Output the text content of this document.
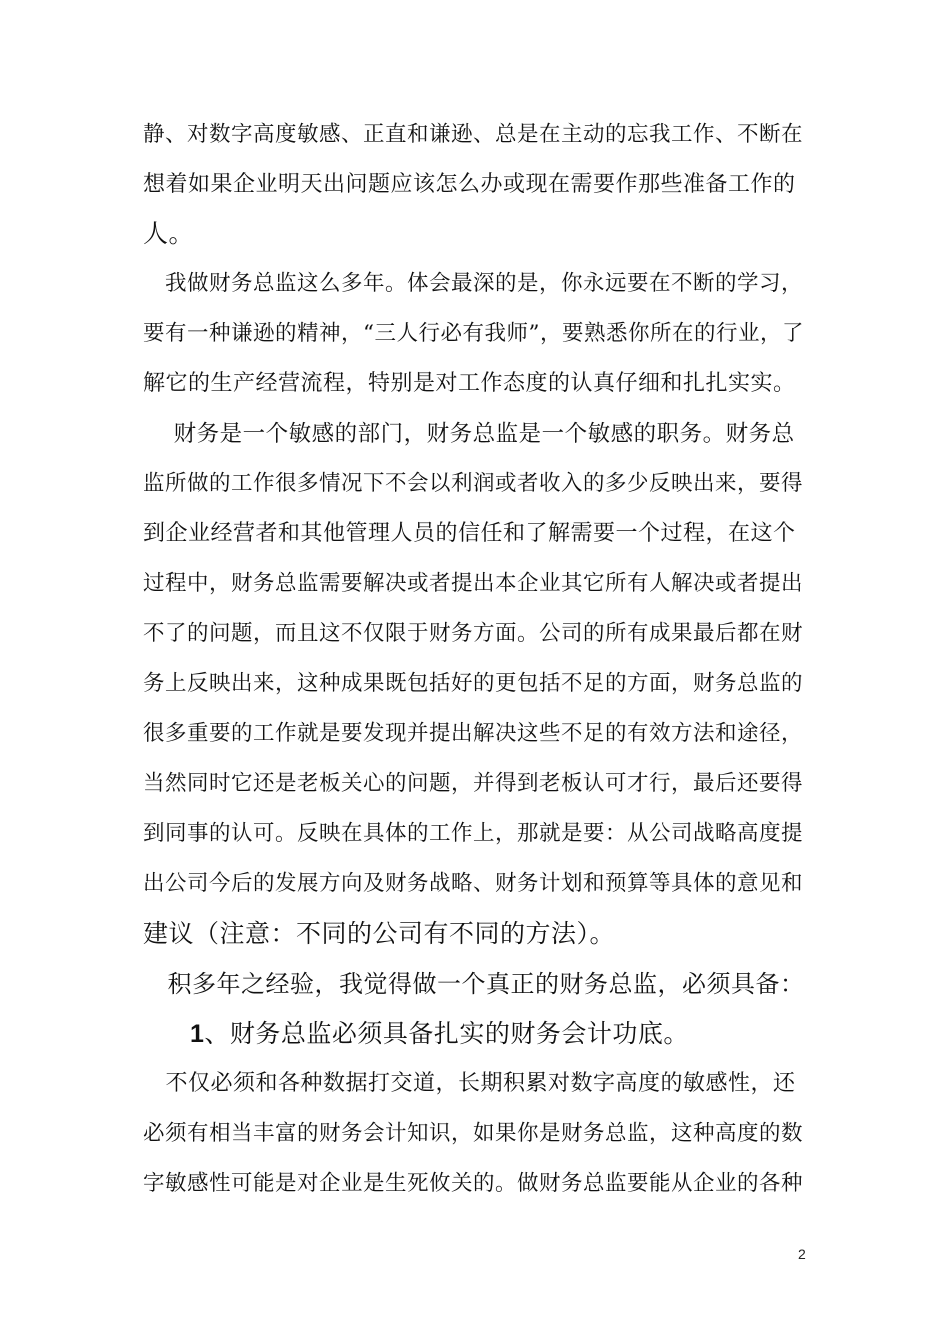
静、对数字高度敏感、正直和谦逊、总是在主动的忘我工作、不断在
想着如果企业明天出问题应该怎么办或现在需要作那些准备工作的
人。
　我做财务总监这么多年。体会最深的是，你永远要在不断的学习，
要有一种谦逊的精神，“三人行必有我师”，要熟悉你所在的行业，了
解它的生产经营流程，特别是对工作态度的认真仔细和扎扎实实。
　 财务是一个敏感的部门，财务总监是一个敏感的职务。财务总
监所做的工作很多情况下不会以利润或者收入的多少反映出来，要得
到企业经营者和其他管理人员的信任和了解需要一个过程，在这个
过程中，财务总监需要解决或者提出本企业其它所有人解决或者提出
不了的问题，而且这不仅限于财务方面。公司的所有成果最后都在财
务上反映出来，这种成果既包括好的更包括不足的方面，财务总监的
很多重要的工作就是要发现并提出解决这些不足的有效方法和途径，
当然同时它还是老板关心的问题，并得到老板认可才行，最后还要得
到同事的认可。反映在具体的工作上，那就是要：从公司战略高度提
出公司今后的发展方向及财务战略、财务计划和预算等具体的意见和
建议（注意：不同的公司有不同的方法）。
　积多年之经验，我觉得做一个真正的财务总监，必须具备：
1、财务总监必须具备扎实的财务会计功底。
　不仅必须和各种数据打交道，长期积累对数字高度的敏感性，还
必须有相当丰富的财务会计知识，如果你是财务总监，这种高度的数
字敏感性可能是对企业是生死攸关的。做财务总监要能从企业的各种
2
